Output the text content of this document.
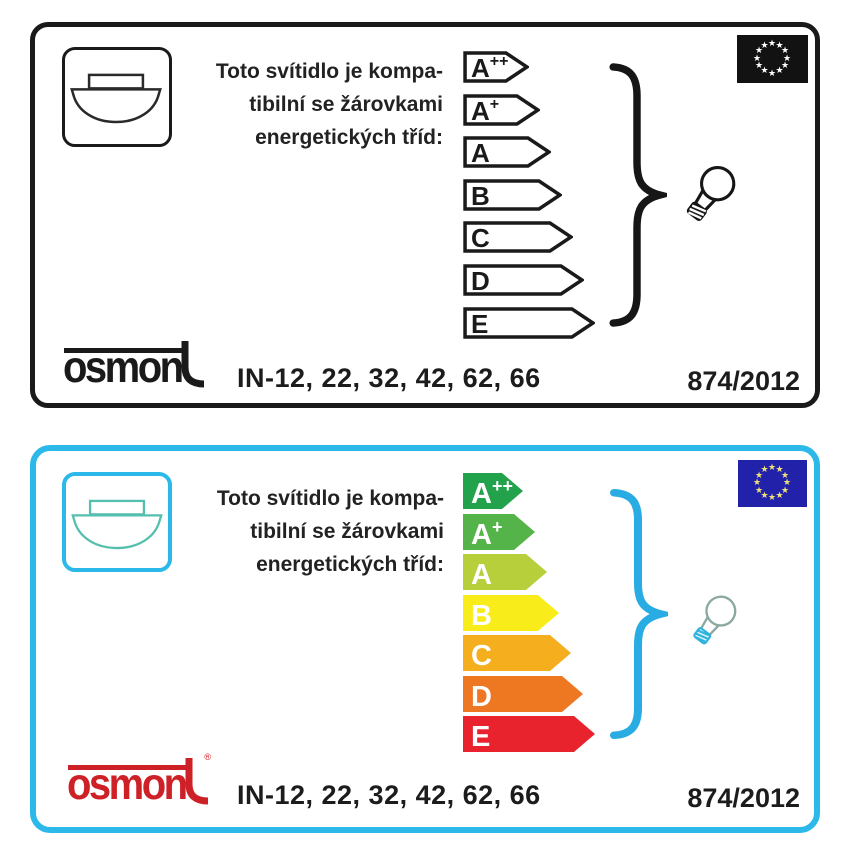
Toto svítidlo je kompa-
tibilní se žárovkami
energetických tříd:
A++
A+
A
B
C
D
E
★ ★
★
★
★
★
★
★
★
★
★
★
osmon IN-12, 22, 32, 42, 62, 66	874/2012
Toto svítidlo je kompa-
tibilní se žárovkami
energetických tříd:
A++
A+
A
B
C
D
E
★ ★
★
★
★
★
★
★
★
★
★
★
osmon
®
IN-12, 22, 32, 42, 62, 66	874/2012
